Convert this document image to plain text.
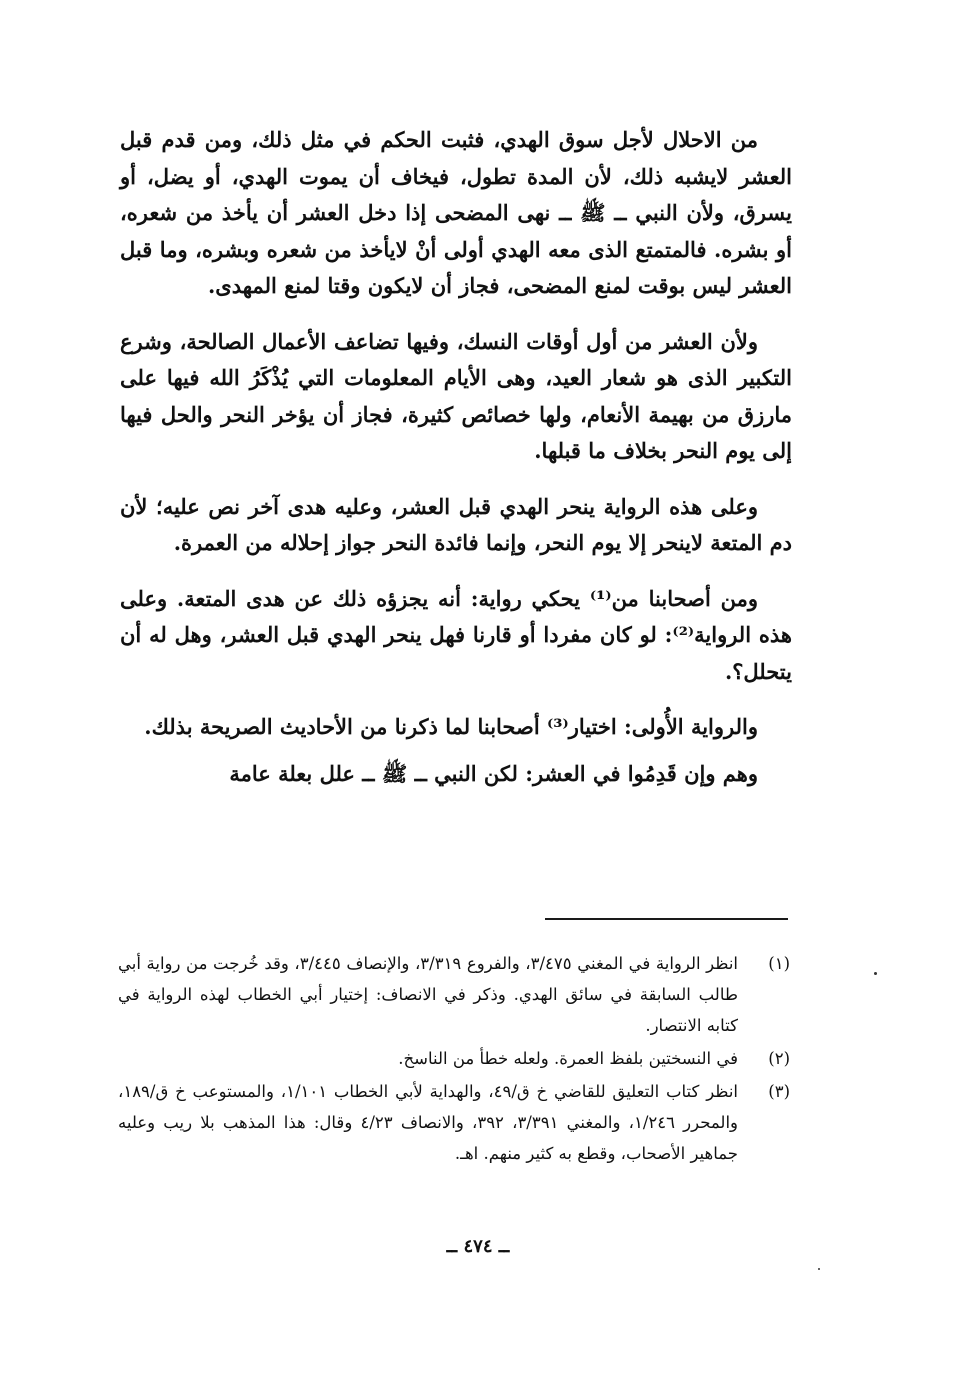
من الاحلال لأجل سوق الهدي، فثبت الحكم في مثل ذلك، ومن قدم قبل العشر لايشبه ذلك، لأن المدة تطول، فيخاف أن يموت الهدي، أو يضل، أو يسرق، ولأن النبي ــ ﷺ ــ نهى المضحى إذا دخل العشر أن يأخذ من شعره، أو بشره. فالمتمتع الذى معه الهدي أولى أنْ لايأخذ من شعره وبشره، وما قبل العشر ليس بوقت لمنع المضحى، فجاز أن لايكون وقتا لمنع المهدى.

ولأن العشر من أول أوقات النسك، وفيها تضاعف الأعمال الصالحة، وشرع التكبير الذى هو شعار العيد، وهى الأيام المعلومات التي يُذْكَرُ الله فيها على مارزق من بهيمة الأنعام، ولها خصائص كثيرة، فجاز أن يؤخر النحر والحل فيها إلى يوم النحر بخلاف ما قبلها.

وعلى هذه الرواية ينحر الهدي قبل العشر، وعليه هدى آخر نص عليه؛ لأن دم المتعة لاينحر إلا يوم النحر، وإنما فائدة النحر جواز إحلاله من العمرة.

ومن أصحابنا من⁽¹⁾ يحكي رواية: أنه يجزؤه ذلك عن هدى المتعة. وعلى هذه الرواية⁽²⁾: لو كان مفردا أو قارنا فهل ينحر الهدي قبل العشر، وهل له أن يتحلل؟.

والرواية الأُولى: اختيار⁽³⁾ أصحابنا لما ذكرنا من الأحاديث الصريحة بذلك.

وهم وإن قَدِمُوا في العشر: لكن النبي ــ ﷺ ــ علل بعلة عامة

(١)
انظر الرواية في المغني ٣/٤٧٥، والفروع ٣/٣١٩، والإنصاف ٣/٤٤٥، وقد خُرجت من رواية أبي طالب السابقة في سائق الهدي. وذكر في الانصاف: إختيار أبي الخطاب لهذه الرواية في كتابه الانتصار.
(٢)
في النسختين بلفظ العمرة. ولعله خطأ من الناسخ.
(٣)
انظر كتاب التعليق للقاضي خ ق/٤٩، والهداية لأبي الخطاب ١/١٠١، والمستوعب خ ق/١٨٩، والمحرر ١/٢٤٦، والمغني ٣/٣٩١، ٣٩٢، والانصاف ٤/٢٣ وقال: هذا المذهب بلا ريب وعليه جماهير الأصحاب، وقطع به كثير منهم. اهـ.
ــ ٤٧٤ ــ
